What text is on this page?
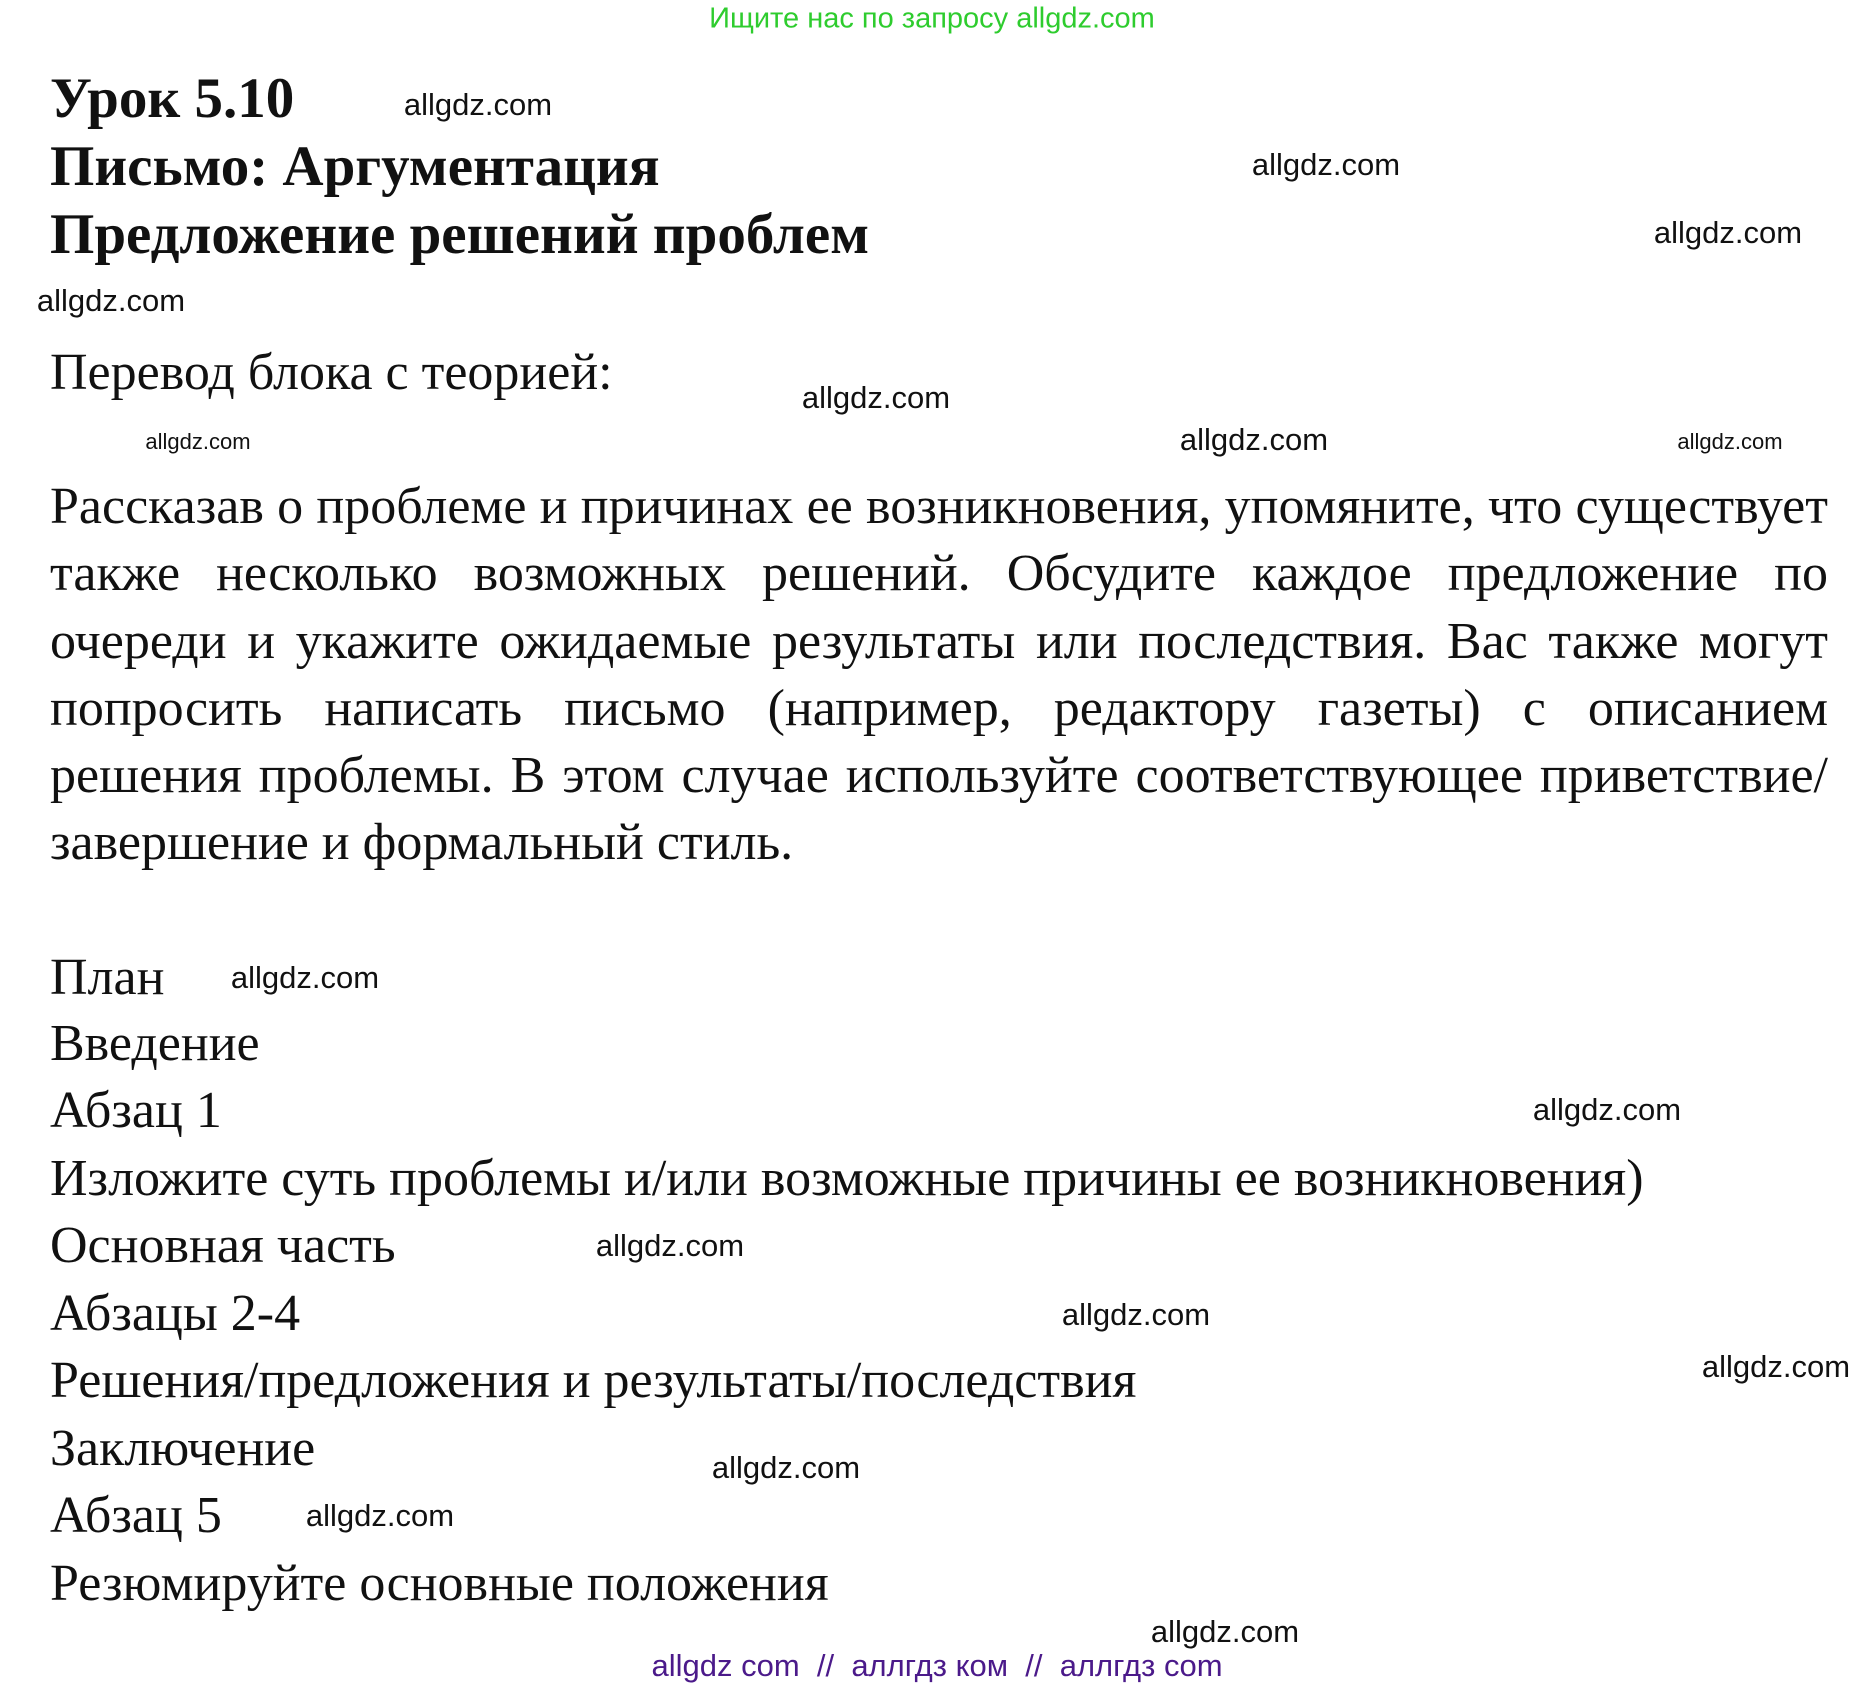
Ищите нас по запросу allgdz.com
Урок 5.10
Письмо: Аргументация
Предложение решений проблем
Перевод блока с теорией:
Рассказав о проблеме и причинах ее возникновения, упомяните, что существует также несколько возможных решений. Обсудите каждое предложение по очереди и укажите ожидаемые результаты или последствия. Вас также могут попросить написать письмо (например, редактору газеты) с описанием решения проблемы. В этом случае используйте соответствующее приветствие/завершение и формальный стиль.
План
Введение
Абзац 1
Изложите суть проблемы и/или возможные причины ее возникновения)
Основная часть
Абзацы 2-4
Решения/предложения и результаты/последствия
Заключение
Абзац 5
Резюмируйте основные положения
allgdz.com
allgdz.com
allgdz.com
allgdz.com
allgdz.com
allgdz.com
allgdz.com	allgdz.com
allgdz.com
allgdz.com
allgdz.com
allgdz.com
allgdz.com
allgdz.com
allgdz.com
allgdz.com
allgdz com  //  аллгдз ком  //  аллгдз com
